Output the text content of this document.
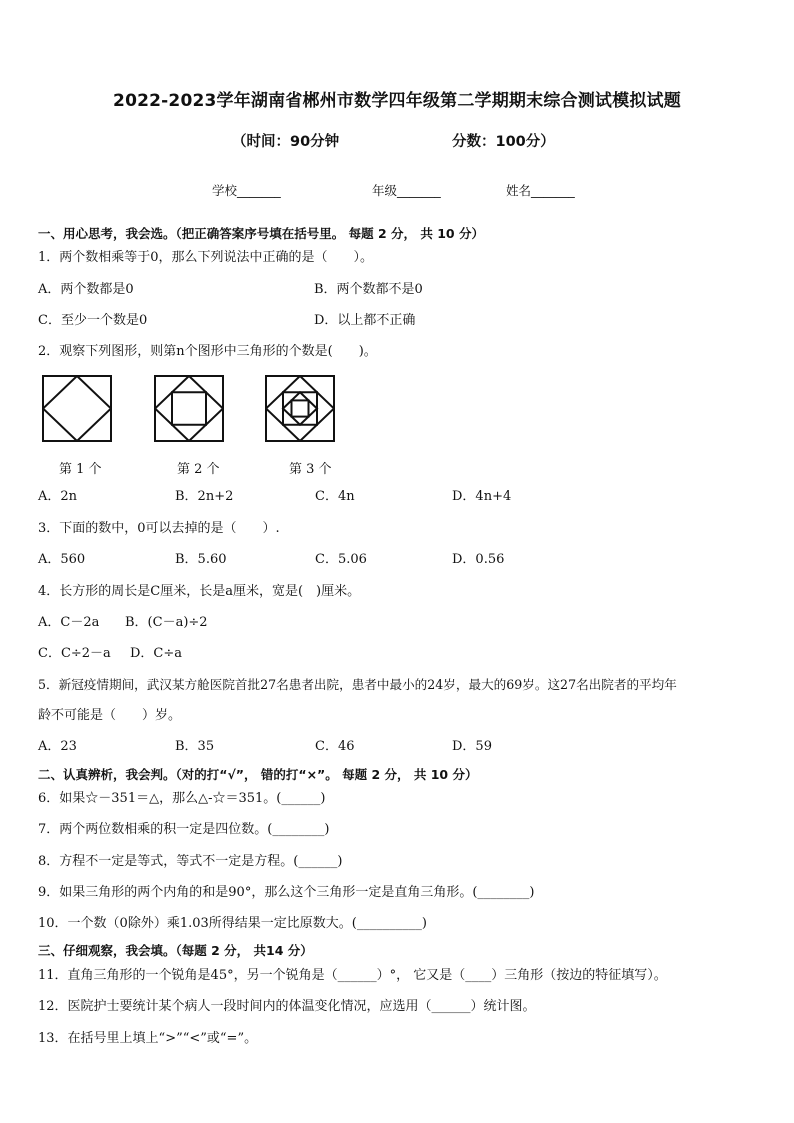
2022-2023学年湖南省郴州市数学四年级第二学期期末综合测试模拟试题
（时间：90分钟	分数：100分）
学校_______	年级_______	姓名_______
一、用心思考，我会选。（把正确答案序号填在括号里。 每题 2 分， 共 10 分）
1．两个数相乘等于0，那么下列说法中正确的是（　　）。
A．两个数都是0	B．两个数都不是0
C．至少一个数是0	D．以上都不正确
2．观察下列图形，则第n个图形中三角形的个数是(　　)。
第 1 个	第 2 个	第 3 个
A．2n	B．2n+2	C．4n	D．4n+4
3．下面的数中，0可以去掉的是（　　）.
A．560	B．5.60	C．5.06	D．0.56
4．长方形的周长是C厘米，长是a厘米，宽是(　)厘米。
A．C－2a B．(C－a)÷2
C．C÷2－a D．C÷a
5．新冠疫情期间，武汉某方舱医院首批27名患者出院，患者中最小的24岁，最大的69岁。这27名出院者的平均年
龄不可能是（　　）岁。
A．23	B．35	C．46	D．59
二、认真辨析，我会判。（对的打“√”， 错的打“×”。 每题 2 分， 共 10 分）
6．如果☆－351＝△，那么△-☆＝351。(______)
7．两个两位数相乘的积一定是四位数。(________)
8．方程不一定是等式，等式不一定是方程。(______)
9．如果三角形的两个内角的和是90°，那么这个三角形一定是直角三角形。(________)
10．一个数（0除外）乘1.03所得结果一定比原数大。(__________)
三、仔细观察，我会填。（每题 2 分， 共14 分）
11．直角三角形的一个锐角是45°，另一个锐角是（______）°， 它又是（____）三角形（按边的特征填写）。
12．医院护士要统计某个病人一段时间内的体温变化情况，应选用（______）统计图。
13．在括号里上填上“>”“<”或“=”。
